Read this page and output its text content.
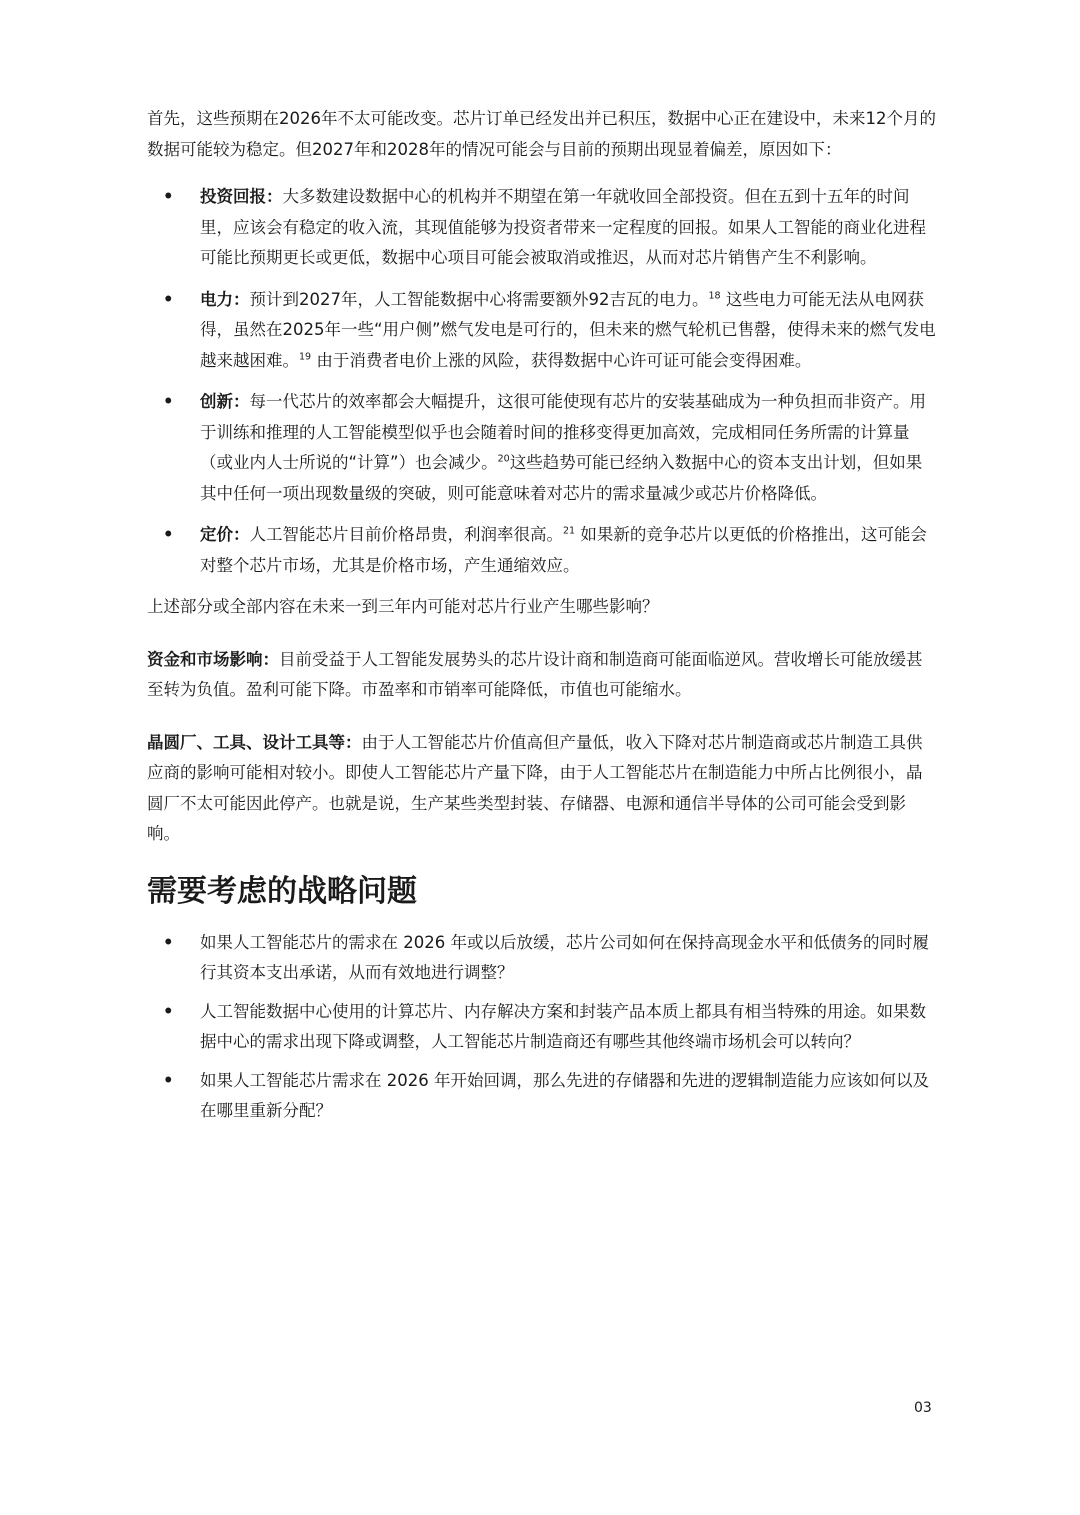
首先，这些预期在2026年不太可能改变。芯片订单已经发出并已积压，数据中心正在建设中，未来12个月的数据可能较为稳定。但2027年和2028年的情况可能会与目前的预期出现显着偏差，原因如下：

• 投资回报：大多数建设数据中心的机构并不期望在第一年就收回全部投资。但在五到十五年的时间里，应该会有稳定的收入流，其现值能够为投资者带来一定程度的回报。如果人工智能的商业化进程可能比预期更长或更低，数据中心项目可能会被取消或推迟，从而对芯片销售产生不利影响。
• 电力：预计到2027年，人工智能数据中心将需要额外92吉瓦的电力。$^{18}$ 这些电力可能无法从电网获得，虽然在2025年一些“用户侧”燃气发电是可行的，但未来的燃气轮机已售罄，使得未来的燃气发电越来越困难。$^{19}$ 由于消费者电价上涨的风险，获得数据中心许可证可能会变得困难。
• 创新：每一代芯片的效率都会大幅提升，这很可能使现有芯片的安装基础成为一种负担而非资产。用于训练和推理的人工智能模型似乎也会随着时间的推移变得更加高效，完成相同任务所需的计算量（或业内人士所说的“计算”）也会减少。$^{20}$这些趋势可能已经纳入数据中心的资本支出计划，但如果其中任何一项出现数量级的突破，则可能意味着对芯片的需求量减少或芯片价格降低。
• 定价：人工智能芯片目前价格昂贵，利润率很高。$^{21}$ 如果新的竞争芯片以更低的价格推出，这可能会对整个芯片市场，尤其是价格市场，产生通缩效应。

上述部分或全部内容在未来一到三年内可能对芯片行业产生哪些影响？

资金和市场影响：目前受益于人工智能发展势头的芯片设计商和制造商可能面临逆风。营收增长可能放缓甚至转为负值。盈利可能下降。市盈率和市销率可能降低，市值也可能缩水。

晶圆厂、工具、设计工具等：由于人工智能芯片价值高但产量低，收入下降对芯片制造商或芯片制造工具供应商的影响可能相对较小。即使人工智能芯片产量下降，由于人工智能芯片在制造能力中所占比例很小，晶圆厂不太可能因此停产。也就是说，生产某些类型封装、存储器、电源和通信半导体的公司可能会受到影响。

需要考虑的战略问题
• 如果人工智能芯片的需求在 2026 年或以后放缓，芯片公司如何在保持高现金水平和低债务的同时履行其资本支出承诺，从而有效地进行调整？
• 人工智能数据中心使用的计算芯片、内存解决方案和封装产品本质上都具有相当特殊的用途。如果数据中心的需求出现下降或调整，人工智能芯片制造商还有哪些其他终端市场机会可以转向？
• 如果人工智能芯片需求在 2026 年开始回调，那么先进的存储器和先进的逻辑制造能力应该如何以及在哪里重新分配？
03
